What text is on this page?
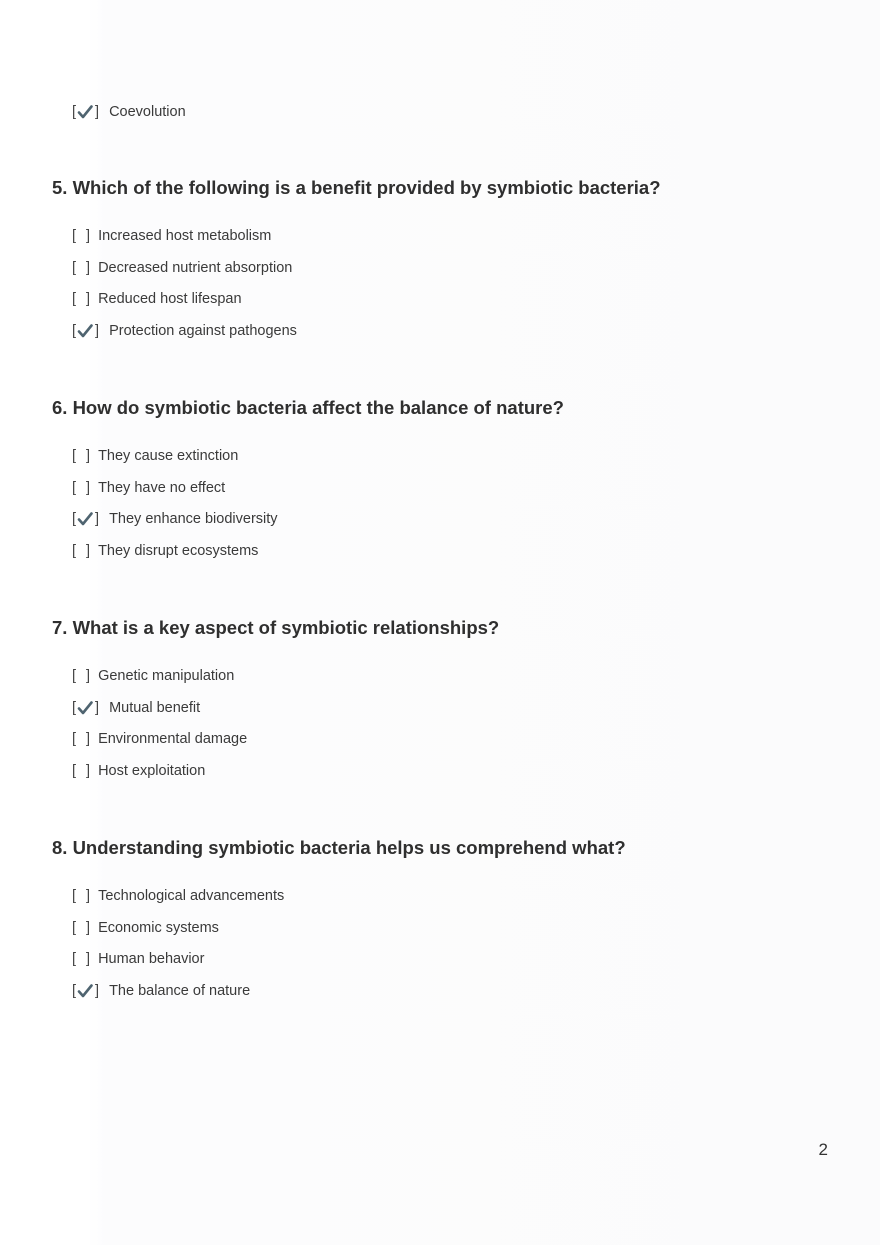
[ ] Coevolution
5. Which of the following is a benefit provided by symbiotic bacteria?
[ ] Increased host metabolism
[ ] Decreased nutrient absorption
[ ] Reduced host lifespan
[ ] Protection against pathogens
6. How do symbiotic bacteria affect the balance of nature?
[ ] They cause extinction
[ ] They have no effect
[ ] They enhance biodiversity
[ ] They disrupt ecosystems
7. What is a key aspect of symbiotic relationships?
[ ] Genetic manipulation
[ ] Mutual benefit
[ ] Environmental damage
[ ] Host exploitation
8. Understanding symbiotic bacteria helps us comprehend what?
[ ] Technological advancements
[ ] Economic systems
[ ] Human behavior
[ ] The balance of nature
2
